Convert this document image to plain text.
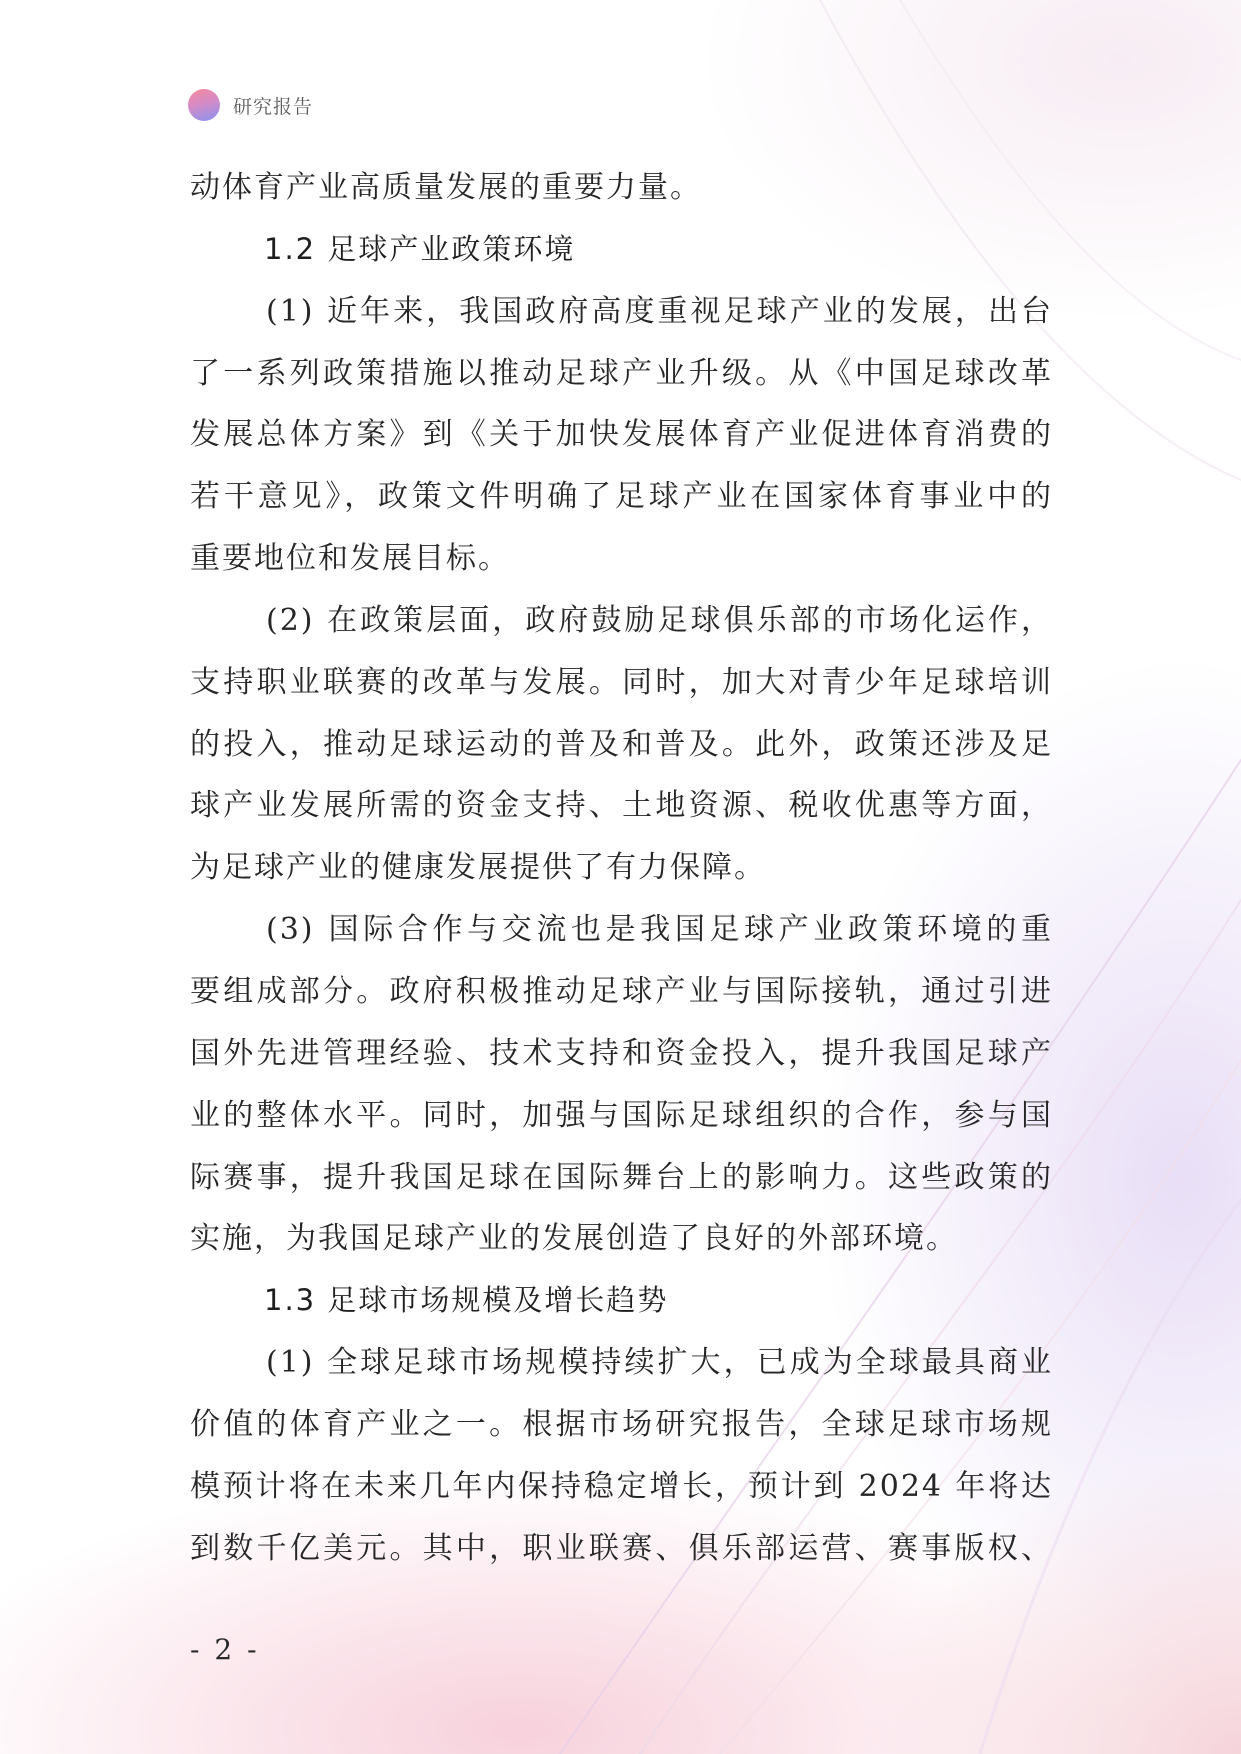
研究报告
动体育产业高质量发展的重要力量。
1.2 足球产业政策环境
(1) 近年来，我国政府高度重视足球产业的发展，出台
了一系列政策措施以推动足球产业升级。从《中国足球改革
发展总体方案》到《关于加快发展体育产业促进体育消费的
若干意见》，政策文件明确了足球产业在国家体育事业中的
重要地位和发展目标。
(2) 在政策层面，政府鼓励足球俱乐部的市场化运作，
支持职业联赛的改革与发展。同时，加大对青少年足球培训
的投入，推动足球运动的普及和普及。此外，政策还涉及足
球产业发展所需的资金支持、土地资源、税收优惠等方面，
为足球产业的健康发展提供了有力保障。
(3) 国际合作与交流也是我国足球产业政策环境的重
要组成部分。政府积极推动足球产业与国际接轨，通过引进
国外先进管理经验、技术支持和资金投入，提升我国足球产
业的整体水平。同时，加强与国际足球组织的合作，参与国
际赛事，提升我国足球在国际舞台上的影响力。这些政策的
实施，为我国足球产业的发展创造了良好的外部环境。
1.3 足球市场规模及增长趋势
(1) 全球足球市场规模持续扩大，已成为全球最具商业
价值的体育产业之一。根据市场研究报告，全球足球市场规
模预计将在未来几年内保持稳定增长，预计到 2024 年将达
到数千亿美元。其中，职业联赛、俱乐部运营、赛事版权、
- 2 -
